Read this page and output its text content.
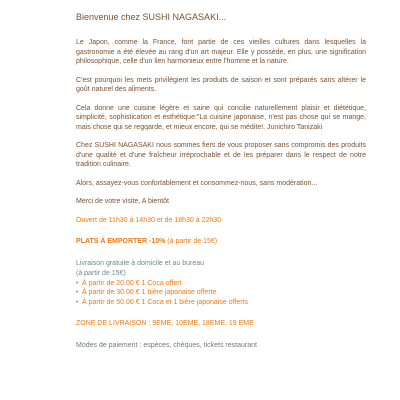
Bienvenue chez SUSHI NAGASAKI...

Le Japon, comme la France, font partie de ces vieilles cultures dans lesquelles la gastronomie a été élevée au rang d'un art majeur. Elle y possède, en plus, une signification philosophique, celle d'un lien harmonieux entre l'homme et la nature.

C'est pourquoi les mets privilégient les produits de saison et sont préparés sans altérer le goût naturel des aliments.

Cela donne une cuisine légère et saine qui concilie naturellement plaisir et diététique, simplicité, sophistication et esthétique:"La cuisine japonaise, n'est pas chose qui se mange, mais chose qui se regqarde, et mieux encore, qui se médite!. Junichiro Tanizaki

Chez SUSHI NAGASAKI nous sommes fiers de vous proposer sans compromis des produits d'une qualité et d'une fraîcheur irréprochable et de les préparer dans le respect de notre tradition culinaire.

Alors, assayez-vous confortablement et consommez-nous, sans modération...

Merci de votre visite, A bientôt

Ouvert de 11h30 à 14h30 et de 18h30 à 22h30

PLATS À EMPORTER -10% (à partir de 15€)

Livraison gratuite à domicile et au bureau

(à partir de 15€)

• À partir de 20.00 € 1 Coca offert
• À partir de 30.00 € 1 bière japonaise offerte
• À partir de 50.00 € 1 Coca et 1 bière japonaise offerts

ZONE DE LIVRAISON : 9EME, 10EME, 18EME, 19 EME

Modes de paiement : espèces, chèques, tickets restaurant
